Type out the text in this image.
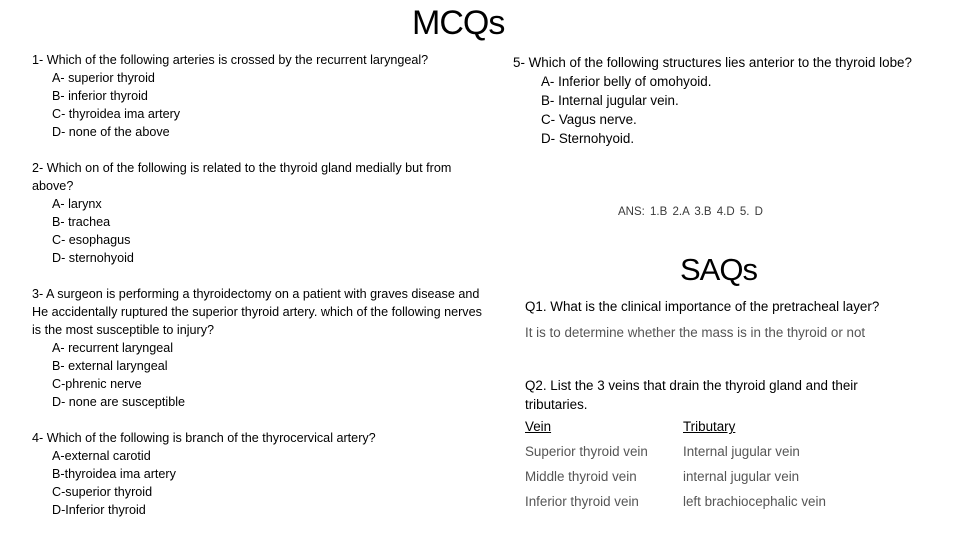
MCQs
1- Which of the following arteries is crossed by the recurrent laryngeal?
A- superior thyroid
B- inferior thyroid
C- thyroidea ima artery
D- none of the above
2- Which on of the following is related to the thyroid gland medially but from above?
A- larynx
B- trachea
C- esophagus
D- sternohyoid
3- A surgeon is performing a thyroidectomy on a patient with graves disease and He accidentally ruptured the superior thyroid artery. which of the following nerves is the most susceptible to injury?
A- recurrent laryngeal
B- external laryngeal
C-phrenic nerve
D- none are susceptible
4- Which of the following is branch of the thyrocervical artery?
A-external carotid
B-thyroidea ima artery
C-superior thyroid
D-Inferior thyroid
5- Which of the following structures lies anterior to the thyroid lobe?
A- Inferior belly of omohyoid.
B- Internal jugular vein.
C- Vagus nerve.
D- Sternohyoid.
ANS: 1.B 2.A 3.B 4.D 5. D
SAQs
Q1. What is the clinical importance of the pretracheal layer?
It is to determine whether the mass is in the thyroid or not
Q2. List the 3 veins that drain the thyroid gland and their tributaries.
Vein	Tributary
Superior thyroid vein	Internal jugular vein
Middle thyroid vein	internal jugular vein
Inferior thyroid vein	left brachiocephalic vein
